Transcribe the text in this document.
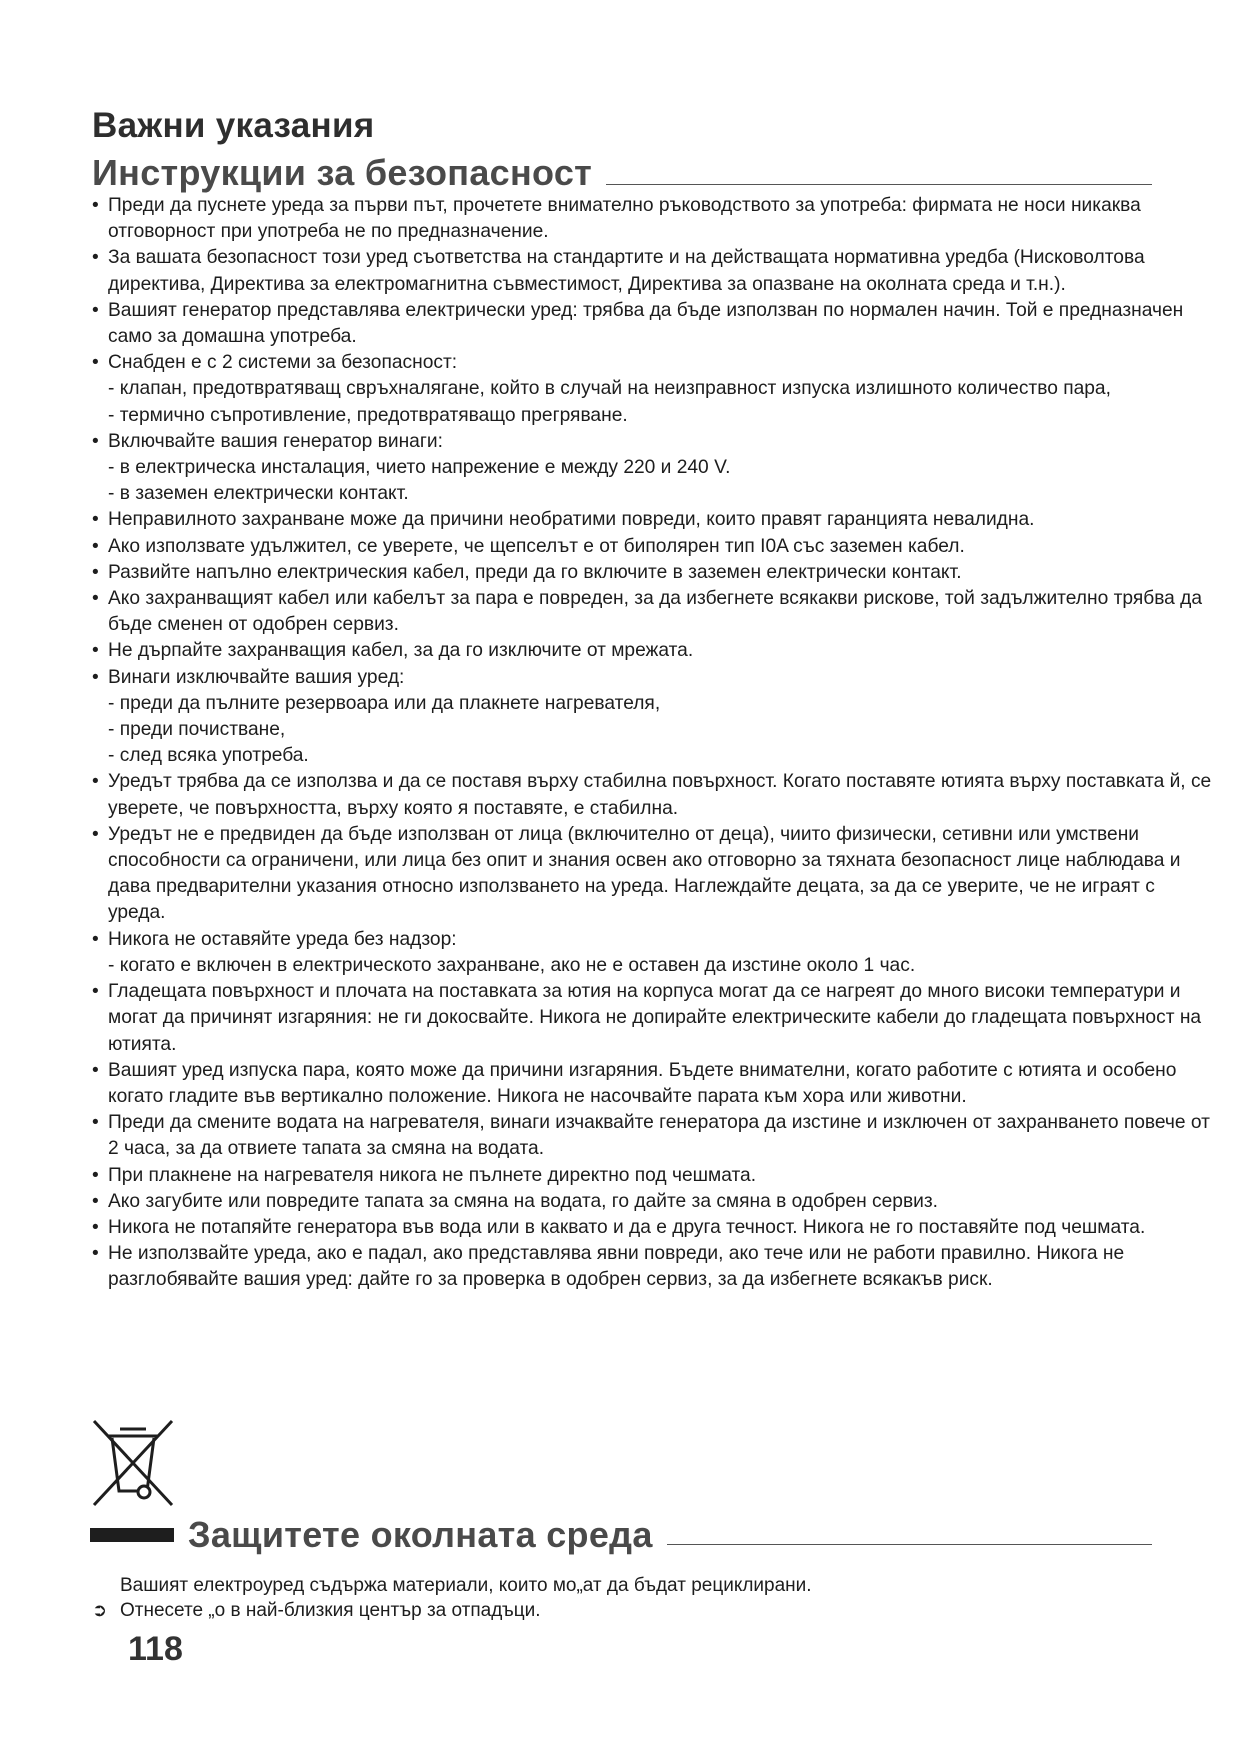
Важни указания
Инструкции за безопасност
• Преди да пуснете уреда за първи път, прочетете внимателно ръководството за употреба: фирмата не носи никаква отговорност при употреба не по предназначение.
• За вашата безопасност този уред съответства на стандартите и на действащата нормативна уредба (Нисковолтова директива, Директива за електромагнитна съвместимост, Директива за опазване на околната среда и т.н.).
• Вашият генератор представлява електрически уред: трябва да бъде използван по нормален начин. Той е предназначен само за домашна употреба.
• Снабден е с 2 системи за безопасност:
- клапан, предотвратяващ свръхналягане, който в случай на неизправност изпуска излишното количество пара,
- термично съпротивление, предотвратяващо прегряване.
• Включвайте вашия генератор винаги:
- в електрическа инсталация, чието напрежение е между 220 и 240 V.
- в заземен електрически контакт.
• Неправилното захранване може да причини необратими повреди, които правят гаранцията невалидна.
• Ако използвате удължител, се уверете, че щепселът е от биполярен тип I0A със заземен кабел.
• Развийте напълно електрическия кабел, преди да го включите в заземен електрически контакт.
• Ако захранващият кабел или кабелът за пара е повреден, за да избегнете всякакви рискове, той задължително трябва да бъде сменен от одобрен сервиз.
• Не дърпайте захранващия кабел, за да го изключите от мрежата.
• Винаги изключвайте вашия уред:
- преди да пълните резервоара или да плакнете нагревателя,
- преди почистване,
- след всяка употреба.
• Уредът трябва да се използва и да се поставя върху стабилна повърхност. Когато поставяте ютията върху поставката й, се уверете, че повърхността, върху която я поставяте, е стабилна.
• Уредът не е предвиден да бъде използван от лица (включително от деца), чиито физически, сетивни или умствени способности са ограничени, или лица без опит и знания освен ако отговорно за тяхната безопасност лице наблюдава и дава предварителни указания относно използването на уреда. Наглеждайте децата, за да се уверите, че не играят с уреда.
• Никога не оставяйте уреда без надзор:
- когато е включен в електрическото захранване, ако не е оставен да изстине около 1 час.
• Гладещата повърхност и плочата на поставката за ютия на корпуса могат да се нагреят до много високи температури и могат да причинят изгаряния: не ги докосвайте. Никога не допирайте електрическите кабели до гладещата повърхност на ютията.
• Вашият уред изпуска пара, която може да причини изгаряния. Бъдете внимателни, когато работите с ютията и особено когато гладите във вертикално положение. Никога не насочвайте парата към хора или животни.
• Преди да смените водата на нагревателя, винаги изчаквайте генератора да изстине и изключен от захранването повече от 2 часа, за да отвиете тапата за смяна на водата.
• При плакнене на нагревателя никога не пълнете директно под чешмата.
• Ако загубите или повредите тапата за смяна на водата, го дайте за смяна в одобрен сервиз.
• Никога не потапяйте генератора във вода или в каквато и да е друга течност. Никога не го поставяйте под чешмата.
• Не използвайте уреда, ако е падал, ако представлява явни повреди, ако тече или не работи правилно. Никога не разглобявайте вашия уред: дайте го за проверка в одобрен сервиз, за да избегнете всякакъв риск.
Защитете околната среда
Вашият електроуред съдържа материали, които мо„ат да бъдат рециклирани.
➲ Отнесете „о в най-близкия център за отпадъци.
118
